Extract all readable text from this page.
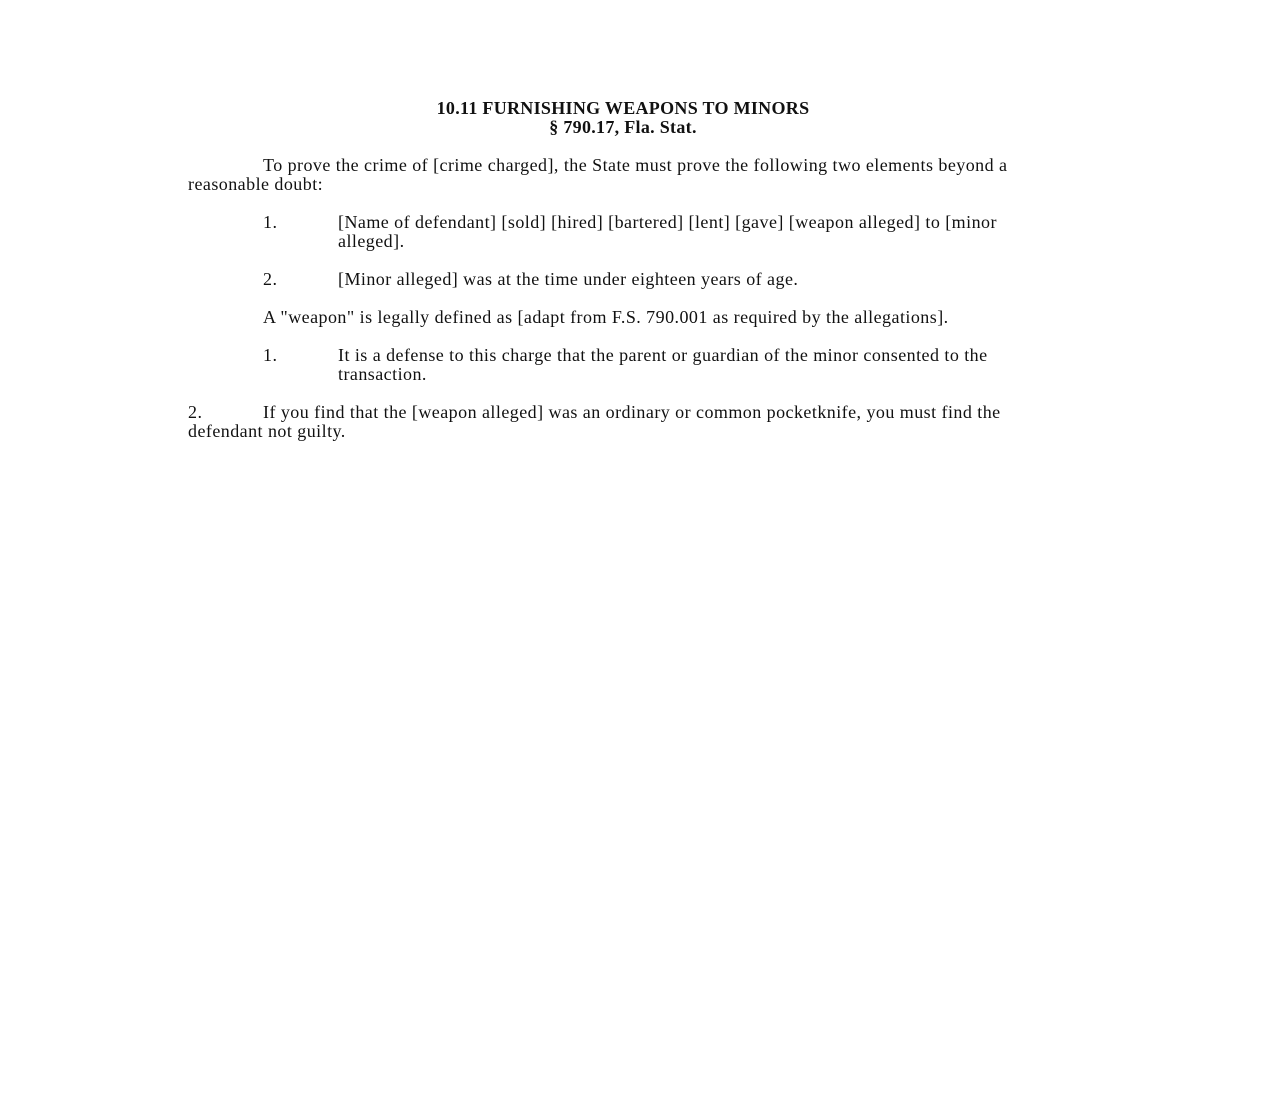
10.11 FURNISHING WEAPONS TO MINORS
§ 790.17, Fla. Stat.
To prove the crime of [crime charged], the State must prove the following two elements beyond a reasonable doubt:
1.	[Name of defendant] [sold] [hired] [bartered] [lent] [gave] [weapon alleged] to [minor alleged].
2.	[Minor alleged] was at the time under eighteen years of age.
A "weapon" is legally defined as [adapt from F.S. 790.001 as required by the allegations].
1.	It is a defense to this charge that the parent or guardian of the minor consented to the transaction.
2.	If you find that the [weapon alleged] was an ordinary or common pocketknife, you must find the defendant not guilty.
